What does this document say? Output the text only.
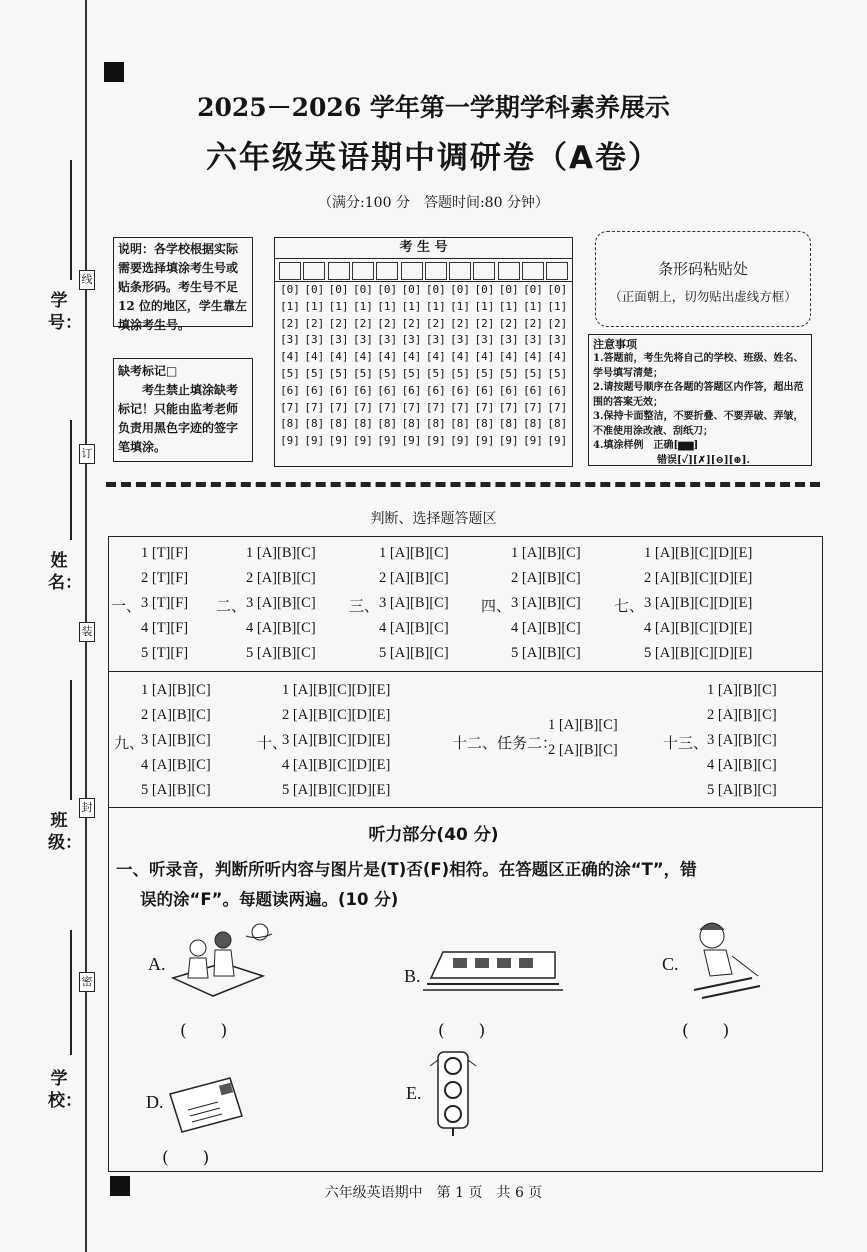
学号：
姓名：
班级：
学校：
线
订
装
封
密
2025－2026 学年第一学期学科素养展示
六年级英语期中调研卷（A卷）
（满分:100 分　答题时间:80 分钟）
说明：各学校根据实际需要选择填涂考生号或贴条形码。考生号不足 12 位的地区，学生靠左填涂考生号。
缺考标记□
考生禁止填涂缺考标记！只能由监考老师负责用黑色字迹的签字笔填涂。
考 生 号
[0]
[1]
[2]
[3]
[4]
[5]
[6]
[7]
[8]
[9]
[0]
[1]
[2]
[3]
[4]
[5]
[6]
[7]
[8]
[9]
[0]
[1]
[2]
[3]
[4]
[5]
[6]
[7]
[8]
[9]
[0]
[1]
[2]
[3]
[4]
[5]
[6]
[7]
[8]
[9]
[0]
[1]
[2]
[3]
[4]
[5]
[6]
[7]
[8]
[9]
[0]
[1]
[2]
[3]
[4]
[5]
[6]
[7]
[8]
[9]
[0]
[1]
[2]
[3]
[4]
[5]
[6]
[7]
[8]
[9]
[0]
[1]
[2]
[3]
[4]
[5]
[6]
[7]
[8]
[9]
[0]
[1]
[2]
[3]
[4]
[5]
[6]
[7]
[8]
[9]
[0]
[1]
[2]
[3]
[4]
[5]
[6]
[7]
[8]
[9]
[0]
[1]
[2]
[3]
[4]
[5]
[6]
[7]
[8]
[9]
[0]
[1]
[2]
[3]
[4]
[5]
[6]
[7]
[8]
[9]
条形码粘贴处
（正面朝上，切勿贴出虚线方框）
注意事项
1.答题前，考生先将自己的学校、班级、姓名、学号填写清楚；
2.请按题号顺序在各题的答题区内作答，超出范围的答案无效；
3.保持卡面整洁，不要折叠、不要弄破、弄皱，不准使用涂改液、刮纸刀；
4.填涂样例　正确[▆▆]
错误[✓][✗][⊖][⊕].
判断、选择题答题区
1 [T][F]
2 [T][F]
3 [T][F]
4 [T][F]
5 [T][F]
一、
1 [A][B][C]
2 [A][B][C]
3 [A][B][C]
4 [A][B][C]
5 [A][B][C]
二、
1 [A][B][C]
2 [A][B][C]
3 [A][B][C]
4 [A][B][C]
5 [A][B][C]
三、
1 [A][B][C]
2 [A][B][C]
3 [A][B][C]
4 [A][B][C]
5 [A][B][C]
四、
1 [A][B][C][D][E]
2 [A][B][C][D][E]
3 [A][B][C][D][E]
4 [A][B][C][D][E]
5 [A][B][C][D][E]
七、
1 [A][B][C]
2 [A][B][C]
3 [A][B][C]
4 [A][B][C]
5 [A][B][C]
九、
1 [A][B][C][D][E]
2 [A][B][C][D][E]
3 [A][B][C][D][E]
4 [A][B][C][D][E]
5 [A][B][C][D][E]
十、
1 [A][B][C]
2 [A][B][C]
十二、任务二：
1 [A][B][C]
2 [A][B][C]
3 [A][B][C]
4 [A][B][C]
5 [A][B][C]
十三、
听力部分(40 分)
一、听录音，判断所听内容与图片是(T)否(F)相符。在答题区正确的涂“T”，错
误的涂“F”。每题读两遍。(10 分)
A.
(　　)
B.
(　　)
C.
(　　)
D.
(　　)
E.
六年级英语期中　第 1 页　共 6 页
